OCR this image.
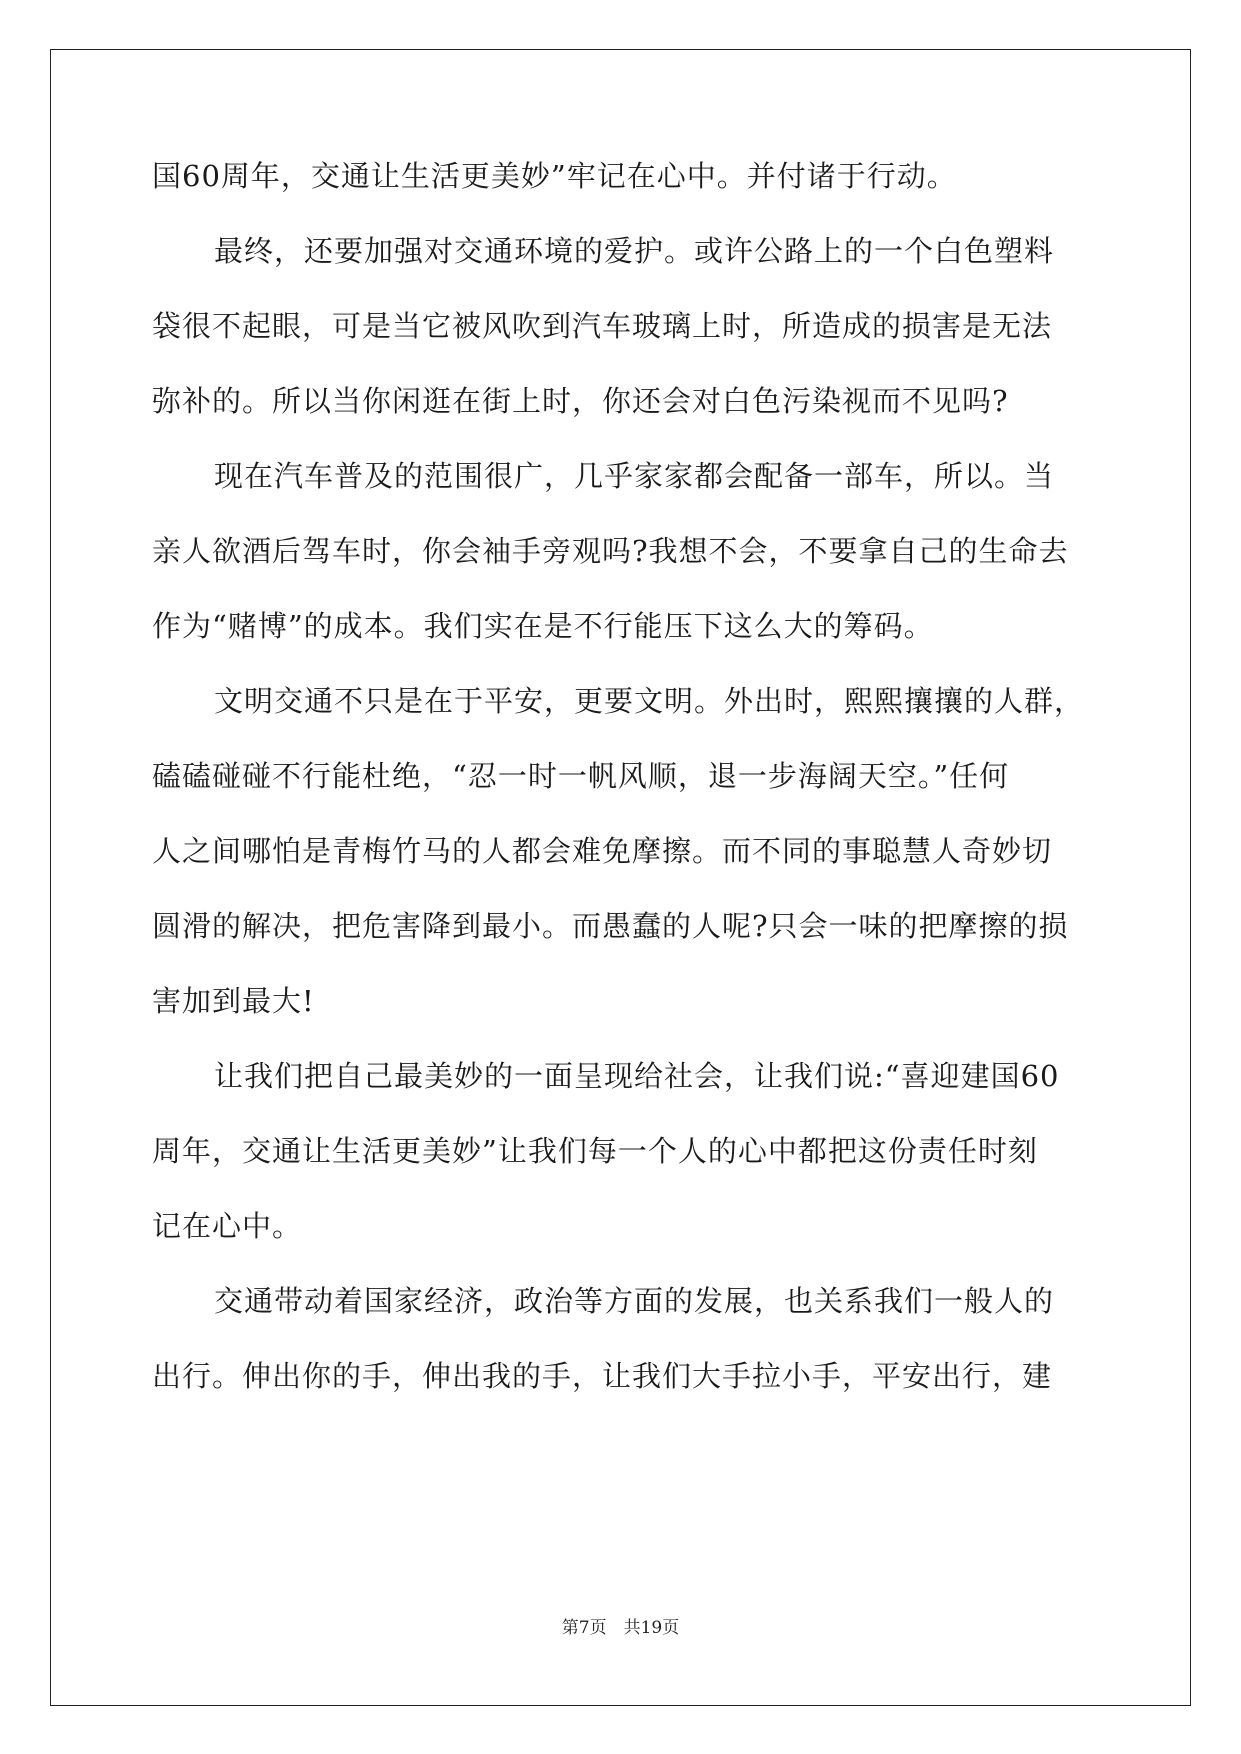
国60周年，交通让生活更美妙”牢记在心中。并付诸于行动。
最终，还要加强对交通环境的爱护。或许公路上的一个白色塑料
袋很不起眼，可是当它被风吹到汽车玻璃上时，所造成的损害是无法
弥补的。所以当你闲逛在街上时，你还会对白色污染视而不见吗?
现在汽车普及的范围很广，几乎家家都会配备一部车，所以。当
亲人欲酒后驾车时，你会袖手旁观吗?我想不会，不要拿自己的生命去
作为“赌博”的成本。我们实在是不行能压下这么大的筹码。
文明交通不只是在于平安，更要文明。外出时，熙熙攘攘的人群，
磕磕碰碰不行能杜绝，“忍一时一帆风顺，退一步海阔天空。”任何
人之间哪怕是青梅竹马的人都会难免摩擦。而不同的事聪慧人奇妙切
圆滑的解决，把危害降到最小。而愚蠢的人呢?只会一味的把摩擦的损
害加到最大!
让我们把自己最美妙的一面呈现给社会，让我们说:“喜迎建国60
周年，交通让生活更美妙”让我们每一个人的心中都把这份责任时刻
记在心中。
交通带动着国家经济，政治等方面的发展，也关系我们一般人的
出行。伸出你的手，伸出我的手，让我们大手拉小手，平安出行，建
第7页　共19页
